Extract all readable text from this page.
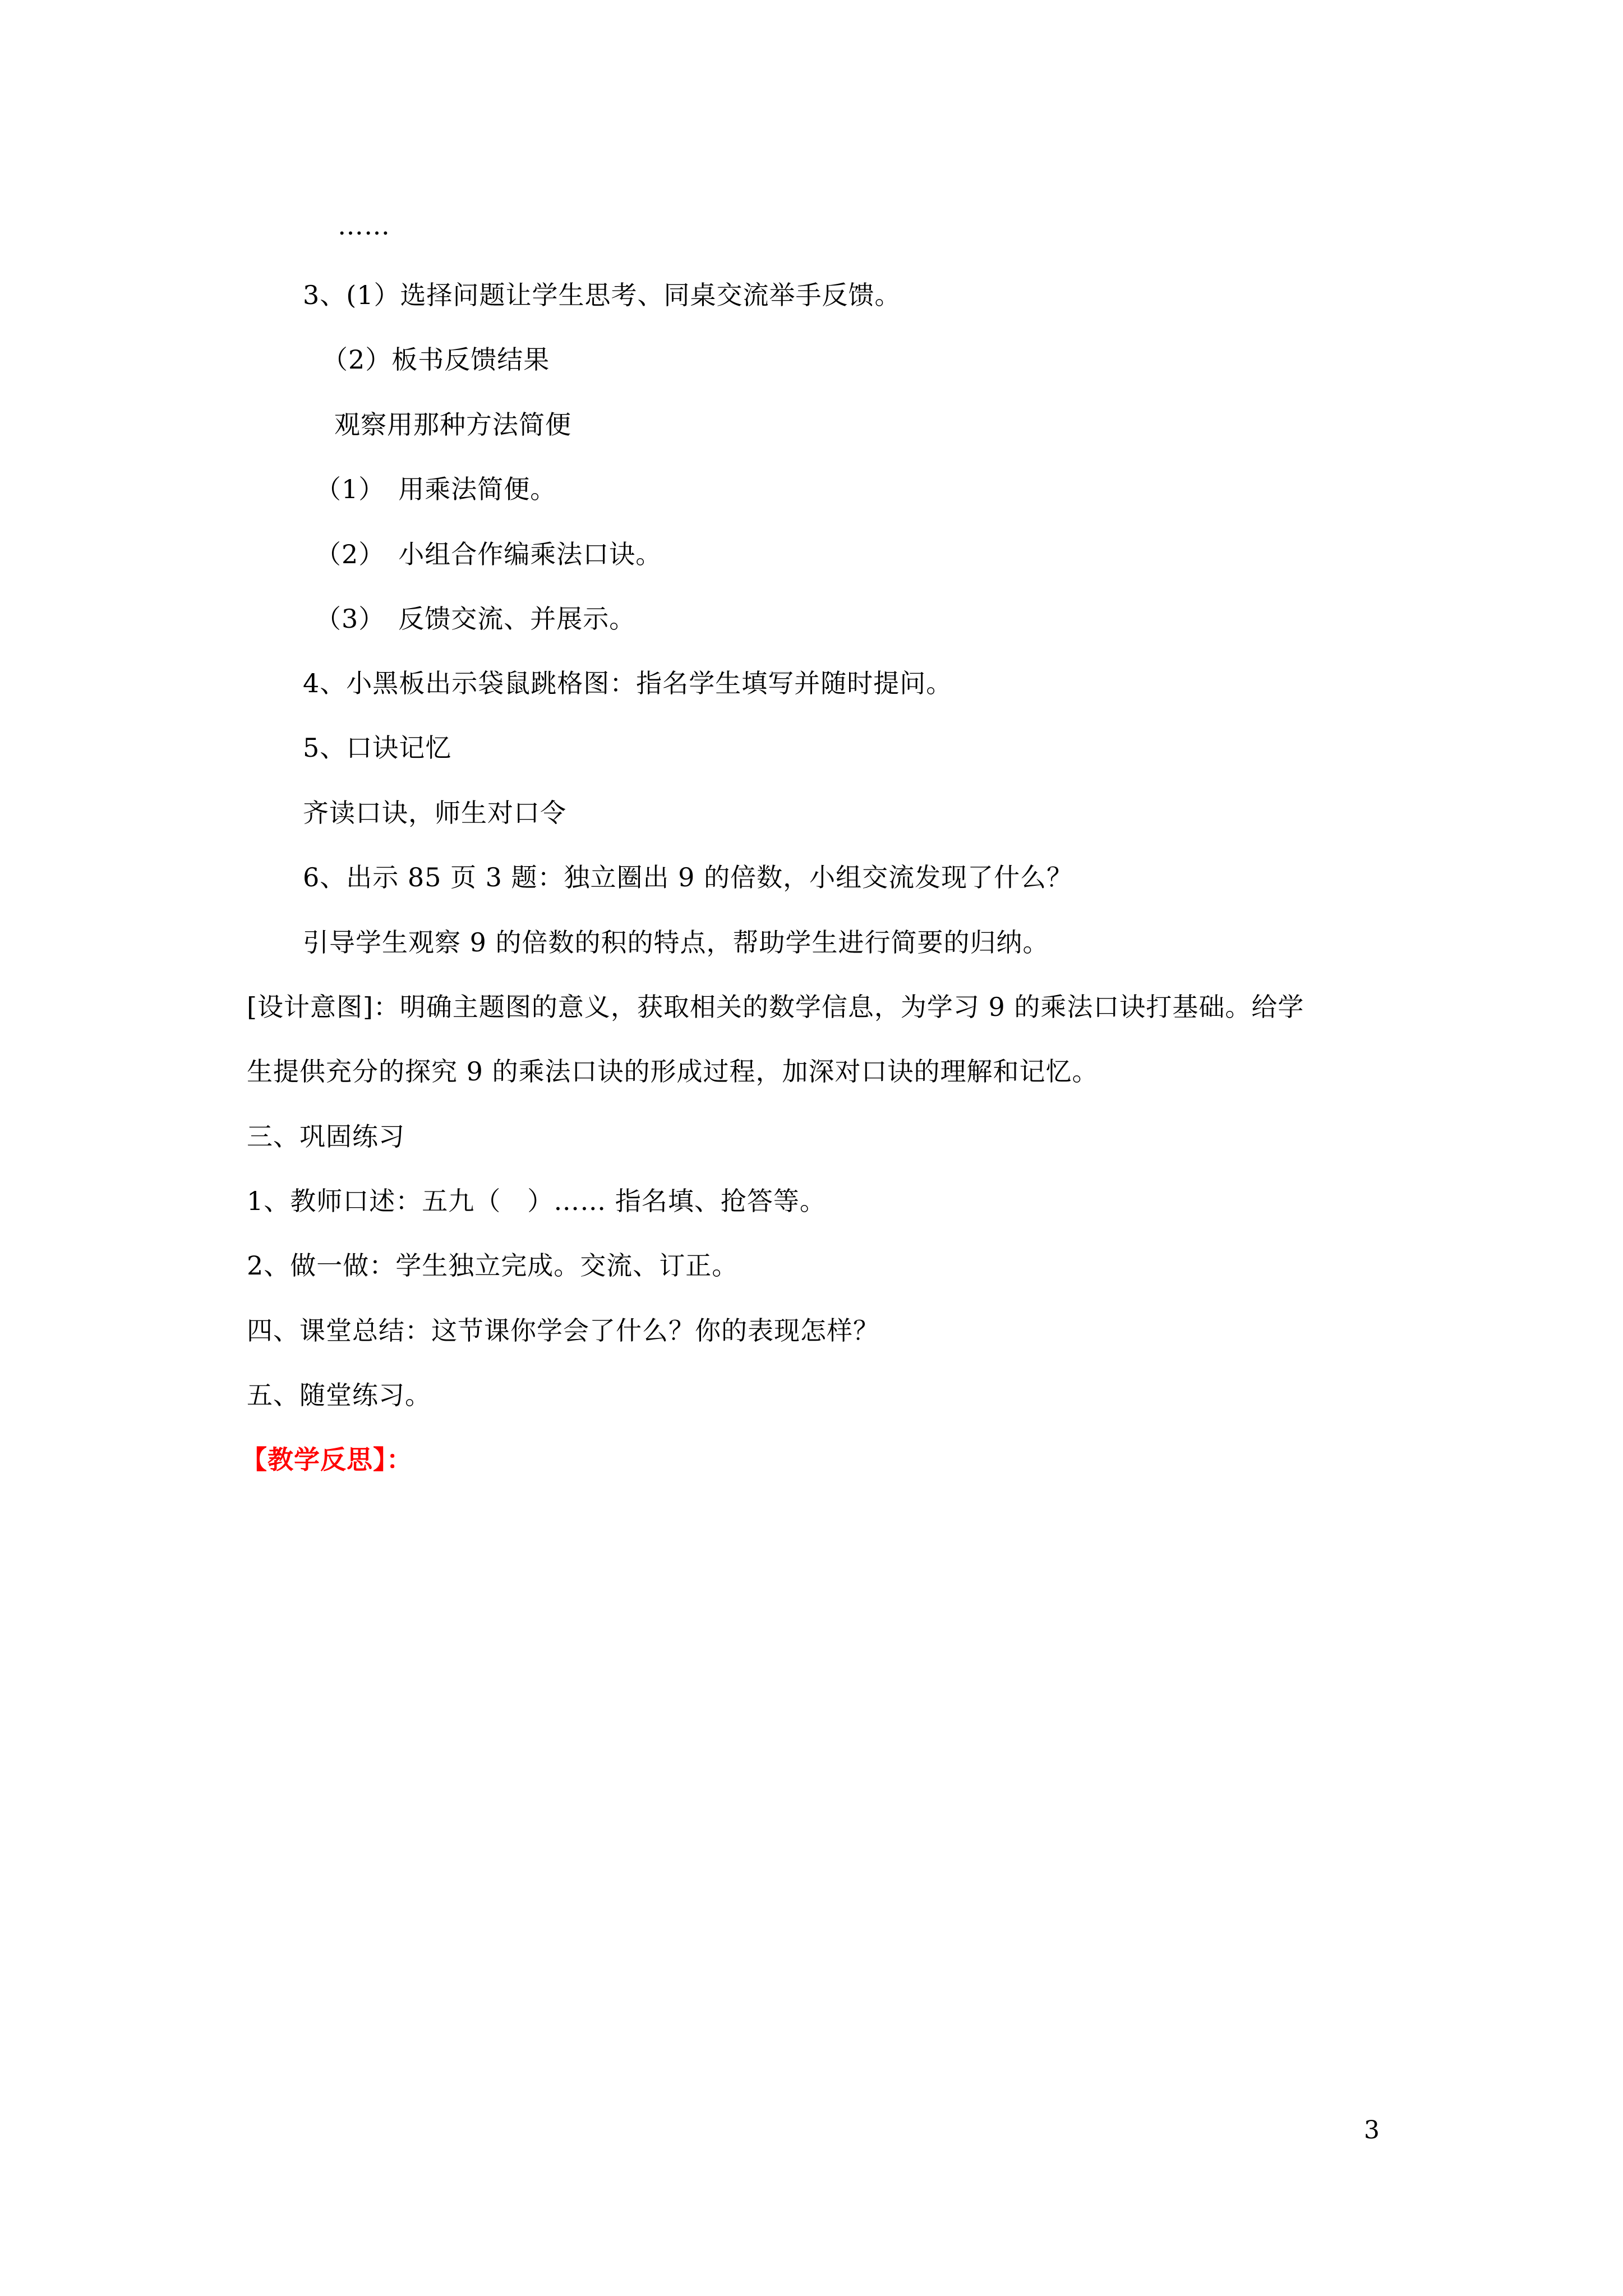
……
3、(1）选择问题让学生思考、同桌交流举手反馈。
（2）板书反馈结果
观察用那种方法简便
（1）　用乘法简便。
（2）　小组合作编乘法口诀。
（3）　反馈交流、并展示。
4、小黑板出示袋鼠跳格图：指名学生填写并随时提问。
5、口诀记忆
齐读口诀，师生对口令
6、出示 85 页 3 题：独立圈出 9 的倍数，小组交流发现了什么？
引导学生观察 9 的倍数的积的特点，帮助学生进行简要的归纳。
[设计意图]：明确主题图的意义，获取相关的数学信息，为学习 9 的乘法口诀打基础。给学
生提供充分的探究 9 的乘法口诀的形成过程，加深对口诀的理解和记忆。
三、巩固练习
1、教师口述：五九（　）…… 指名填、抢答等。
2、做一做：学生独立完成。交流、订正。
四、课堂总结：这节课你学会了什么？你的表现怎样？
五、随堂练习。
【教学反思】：
3
